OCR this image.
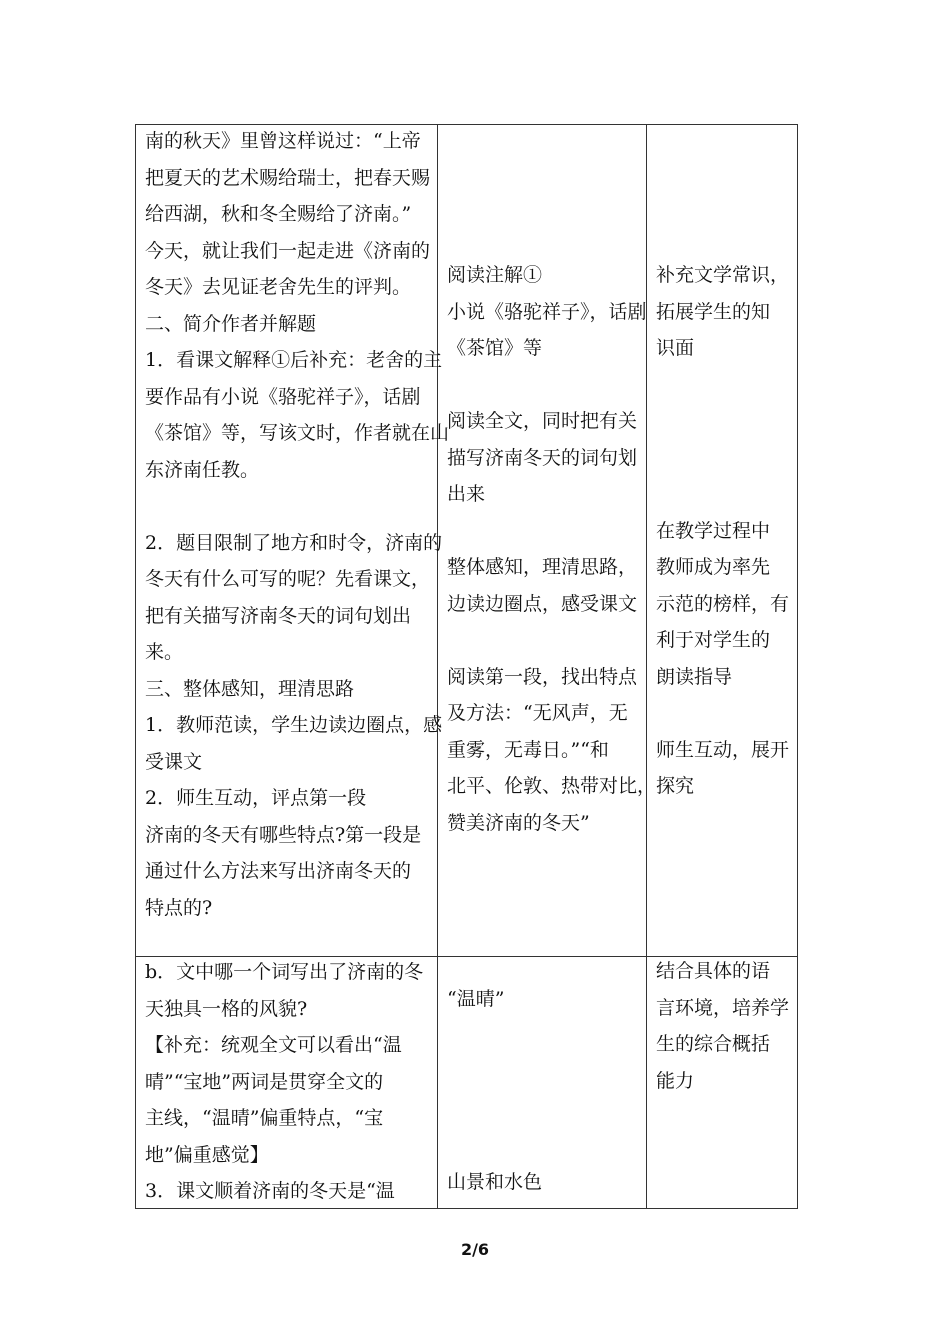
南的秋天》里曾这样说过：“上帝

把夏天的艺术赐给瑞士，把春天赐

给西湖，秋和冬全赐给了济南。”

今天，就让我们一起走进《济南的

冬天》去见证老舍先生的评判。

二、简介作者并解题

1．看课文解释①后补充：老舍的主

要作品有小说《骆驼祥子》，话剧

《茶馆》等，写该文时，作者就在山

东济南任教。

2．题目限制了地方和时令，济南的

冬天有什么可写的呢？先看课文，

把有关描写济南冬天的词句划出

来。

三、整体感知，理清思路

1．教师范读，学生边读边圈点，感

受课文

2．师生互动，评点第一段

济南的冬天有哪些特点?第一段是

通过什么方法来写出济南冬天的

特点的?

阅读注解①

小说《骆驼祥子》，话剧

《茶馆》等

阅读全文，同时把有关

描写济南冬天的词句划

出来

整体感知，理清思路，

边读边圈点，感受课文

阅读第一段，找出特点

及方法：“无风声，无

重雾，无毒日。”“和

北平、伦敦、热带对比，

赞美济南的冬天”

补充文学常识，

拓展学生的知

识面

在教学过程中

教师成为率先

示范的榜样，有

利于对学生的

朗读指导

师生互动，展开

探究

b．文中哪一个词写出了济南的冬

天独具一格的风貌?

【补充：统观全文可以看出“温

晴”“宝地”两词是贯穿全文的

主线，“温晴”偏重特点，“宝

地”偏重感觉】

3．课文顺着济南的冬天是“温

“温晴”

山景和水色

结合具体的语

言环境，培养学

生的综合概括

能力

2/6
